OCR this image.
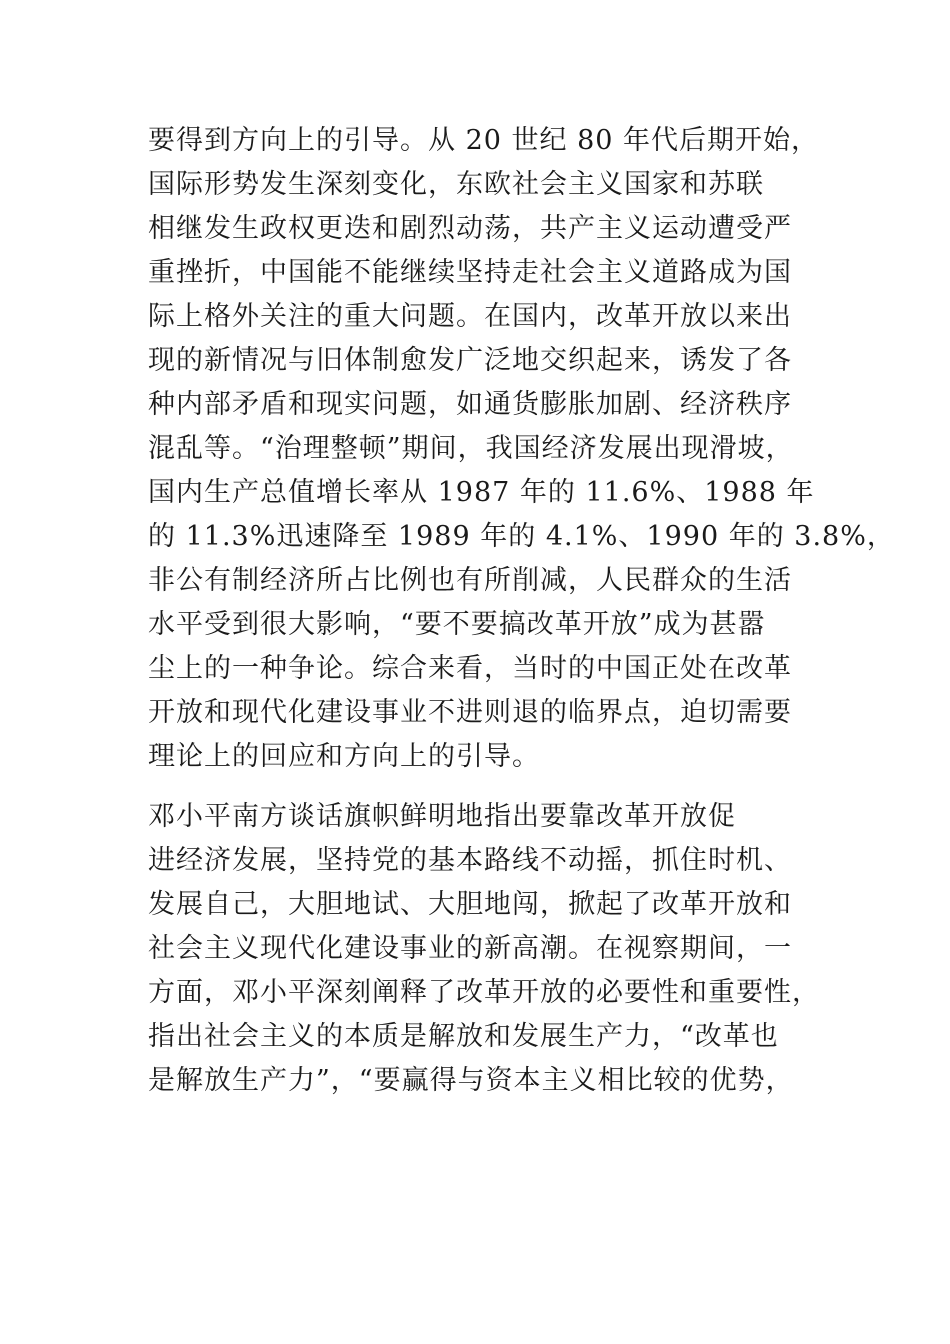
要得到方向上的引导。从 20 世纪 80 年代后期开始，
国际形势发生深刻变化，东欧社会主义国家和苏联
相继发生政权更迭和剧烈动荡，共产主义运动遭受严
重挫折，中国能不能继续坚持走社会主义道路成为国
际上格外关注的重大问题。在国内，改革开放以来出
现的新情况与旧体制愈发广泛地交织起来，诱发了各
种内部矛盾和现实问题，如通货膨胀加剧、经济秩序
混乱等。“治理整顿”期间，我国经济发展出现滑坡，
国内生产总值增长率从 1987 年的 11.6%、1988 年
的 11.3%迅速降至 1989 年的 4.1%、1990 年的 3.8%，
非公有制经济所占比例也有所削减，人民群众的生活
水平受到很大影响，“要不要搞改革开放”成为甚嚣
尘上的一种争论。综合来看，当时的中国正处在改革
开放和现代化建设事业不进则退的临界点，迫切需要
理论上的回应和方向上的引导。
邓小平南方谈话旗帜鲜明地指出要靠改革开放促
进经济发展，坚持党的基本路线不动摇，抓住时机、
发展自己，大胆地试、大胆地闯，掀起了改革开放和
社会主义现代化建设事业的新高潮。在视察期间，一
方面，邓小平深刻阐释了改革开放的必要性和重要性，
指出社会主义的本质是解放和发展生产力，“改革也
是解放生产力”，“要赢得与资本主义相比较的优势，
